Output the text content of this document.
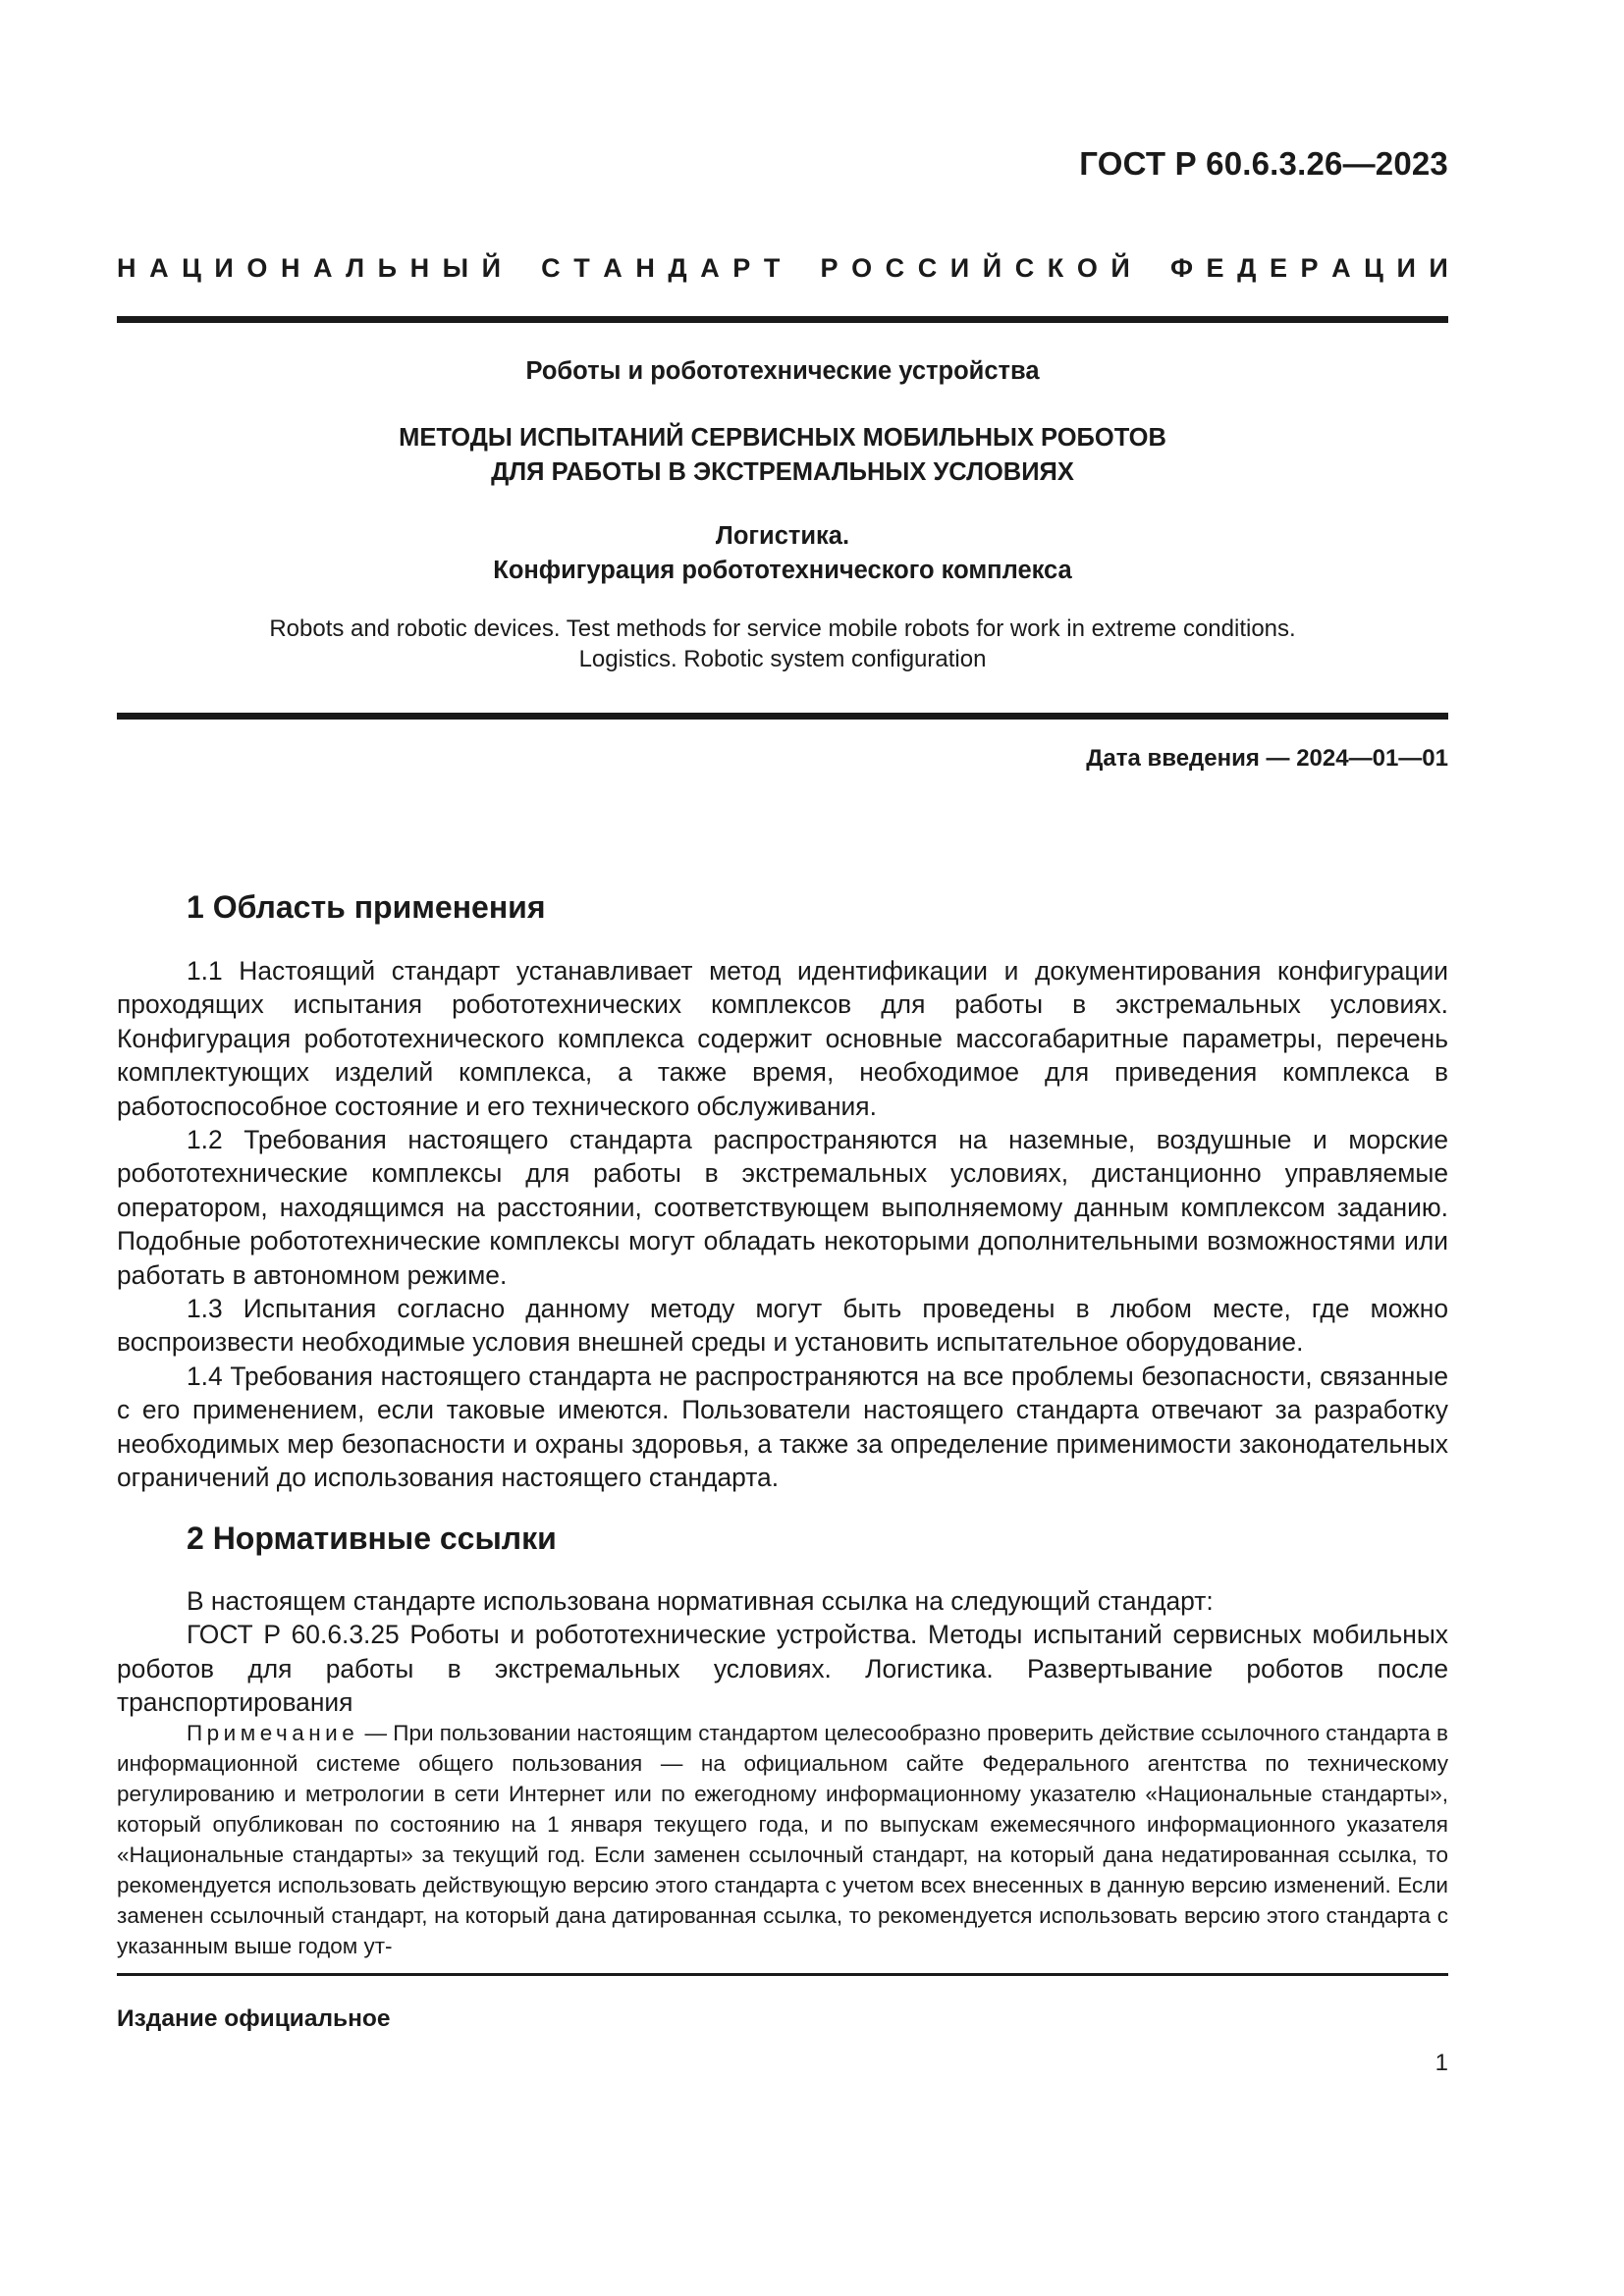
ГОСТ Р 60.6.3.26—2023
Н А Ц И О Н А Л Ь Н Ы Й
С Т А Н Д А Р Т
Р О С С И Й С К О Й
Ф Е Д Е Р А Ц И И
Роботы и робототехнические устройства
МЕТОДЫ ИСПЫТАНИЙ СЕРВИСНЫХ МОБИЛЬНЫХ РОБОТОВ
ДЛЯ РАБОТЫ В ЭКСТРЕМАЛЬНЫХ УСЛОВИЯХ
Логистика.
Конфигурация робототехнического комплекса
Robots and robotic devices. Test methods for service mobile robots for work in extreme conditions.
Logistics. Robotic system configuration
Дата введения — 2024—01—01
1 Область применения

1.1 Настоящий стандарт устанавливает метод идентификации и документирования конфигурации проходящих испытания робототехнических комплексов для работы в экстремальных условиях. Конфигурация робототехнического комплекса содержит основные массогабаритные параметры, перечень комплектующих изделий комплекса, а также время, необходимое для приведения комплекса в работоспособное состояние и его технического обслуживания.

1.2 Требования настоящего стандарта распространяются на наземные, воздушные и морские робототехнические комплексы для работы в экстремальных условиях, дистанционно управляемые оператором, находящимся на расстоянии, соответствующем выполняемому данным комплексом заданию. Подобные робототехнические комплексы могут обладать некоторыми дополнительными возможностями или работать в автономном режиме.

1.3 Испытания согласно данному методу могут быть проведены в любом месте, где можно воспроизвести необходимые условия внешней среды и установить испытательное оборудование.

1.4 Требования настоящего стандарта не распространяются на все проблемы безопасности, связанные с его применением, если таковые имеются. Пользователи настоящего стандарта отвечают за разработку необходимых мер безопасности и охраны здоровья, а также за определение применимости законодательных ограничений до использования настоящего стандарта.

2 Нормативные ссылки

В настоящем стандарте использована нормативная ссылка на следующий стандарт:

ГОСТ Р 60.6.3.25 Роботы и робототехнические устройства. Методы испытаний сервисных мобильных роботов для работы в экстремальных условиях. Логистика. Развертывание роботов после транспортирования

Примечание — При пользовании настоящим стандартом целесообразно проверить действие ссылочного стандарта в информационной системе общего пользования — на официальном сайте Федерального агентства по техническому регулированию и метрологии в сети Интернет или по ежегодному информационному указателю «Национальные стандарты», который опубликован по состоянию на 1 января текущего года, и по выпускам ежемесячного информационного указателя «Национальные стандарты» за текущий год. Если заменен ссылочный стандарт, на который дана недатированная ссылка, то рекомендуется использовать действующую версию этого стандарта с учетом всех внесенных в данную версию изменений. Если заменен ссылочный стандарт, на который дана датированная ссылка, то рекомендуется использовать версию этого стандарта с указанным выше годом ут-

Издание официальное
1
